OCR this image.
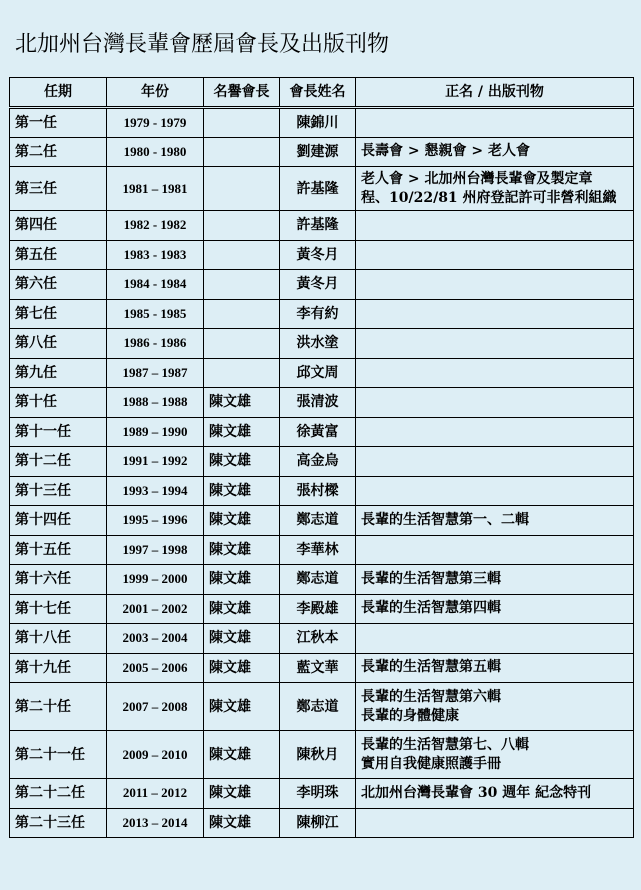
北加州台灣長輩會歷屆會長及出版刊物
任期	年份	名譽會長	會長姓名	正名 / 出版刊物
第一任	1979 - 1979		陳錦川	
第二任	1980 - 1980		劉建源	長壽會 > 懇親會 > 老人會

第三任	1981 – 1981		許基隆	老人會 > 北加州台灣長輩會及製定章
程、10/22/81 州府登記許可非營利組織

第四任	1982 - 1982		許基隆	
第五任	1983 - 1983		黃冬月	
第六任	1984 - 1984		黃冬月	
第七任	1985 - 1985		李有約	
第八任	1986 - 1986		洪水塗	
第九任	1987 – 1987		邱文周	
第十任	1988 – 1988	陳文雄	張清波	
第十一任	1989 – 1990	陳文雄	徐黃富	
第十二任	1991 – 1992	陳文雄	高金烏	
第十三任	1993 – 1994	陳文雄	張村樑	
第十四任	1995 – 1996	陳文雄	鄭志道	長輩的生活智慧第一、二輯

第十五任	1997 – 1998	陳文雄	李華林	
第十六任	1999 – 2000	陳文雄	鄭志道	長輩的生活智慧第三輯

第十七任	2001 – 2002	陳文雄	李殿雄	長輩的生活智慧第四輯

第十八任	2003 – 2004	陳文雄	江秋本	
第十九任	2005 – 2006	陳文雄	藍文華	長輩的生活智慧第五輯

第二十任	2007 – 2008	陳文雄	鄭志道	長輩的生活智慧第六輯
長輩的身體健康

第二十一任	2009 – 2010	陳文雄	陳秋月	長輩的生活智慧第七、八輯
實用自我健康照護手冊

第二十二任	2011 – 2012	陳文雄	李明珠	北加州台灣長輩會 30 週年 紀念特刊

第二十三任	2013 – 2014	陳文雄	陳柳江	
